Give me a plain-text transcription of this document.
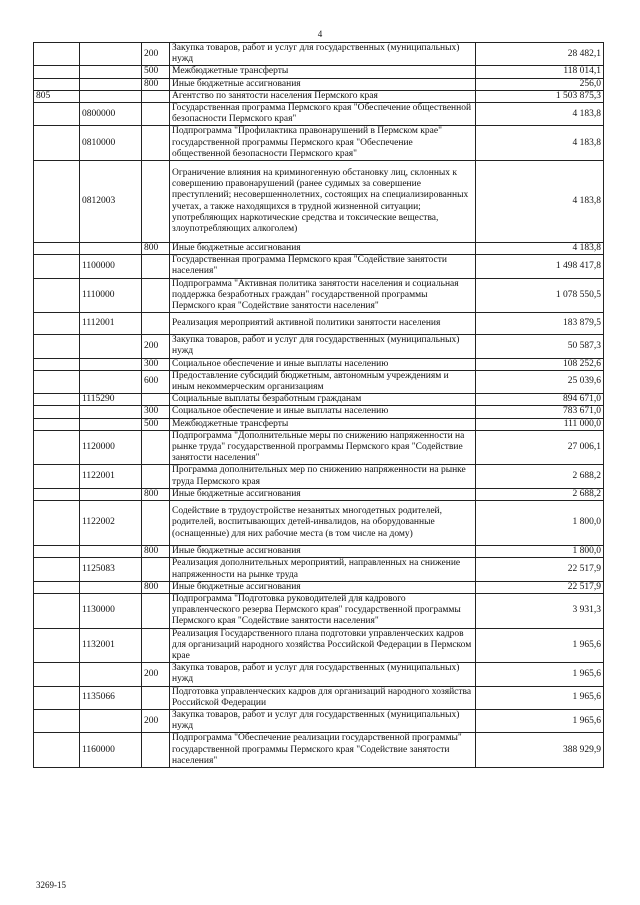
4
		200	Закупка товаров, работ и услуг для государственных (муниципальных) нужд	28 482,1
		500	Межбюджетные трансферты	118 014,1
		800	Иные бюджетные ассигнования	256,0
805			Агентство по занятости населения Пермского края	1 503 875,3
	0800000		Государственная программа Пермского края "Обеспечение общественной безопасности Пермского края"	4 183,8
	0810000		Подпрограмма "Профилактика правонарушений в Пермском крае" государственной программы Пермского края "Обеспечение общественной безопасности Пермского края"	4 183,8
	0812003		Ограничение влияния на криминогенную обстановку лиц, склонных к совершению правонарушений (ранее судимых за совершение преступлений; несовершеннолетних, состоящих на специализированных учетах, а также находящихся в трудной жизненной ситуации; употребляющих наркотические средства и токсические вещества, злоупотребляющих алкоголем)	4 183,8
		800	Иные бюджетные ассигнования	4 183,8
	1100000		Государственная программа Пермского края "Содействие занятости населения"	1 498 417,8
	1110000		Подпрограмма "Активная политика занятости населения и социальная поддержка безработных граждан" государственной программы Пермского края "Содействие занятости населения"	1 078 550,5
	1112001		Реализация мероприятий активной политики занятости населения	183 879,5
		200	Закупка товаров, работ и услуг для государственных (муниципальных) нужд	50 587,3
		300	Социальное обеспечение и иные выплаты населению	108 252,6
		600	Предоставление субсидий бюджетным, автономным учреждениям и иным некоммерческим организациям	25 039,6
	1115290		Социальные выплаты безработным гражданам	894 671,0
		300	Социальное обеспечение и иные выплаты населению	783 671,0
		500	Межбюджетные трансферты	111 000,0
	1120000		Подпрограмма "Дополнительные меры по снижению напряженности на рынке труда" государственной программы Пермского края "Содействие занятости населения"	27 006,1
	1122001		Программа дополнительных мер по снижению напряженности на рынке труда Пермского края	2 688,2
		800	Иные бюджетные ассигнования	2 688,2
	1122002		Содействие в трудоустройстве незанятых многодетных родителей, родителей, воспитывающих детей-инвалидов, на оборудованные (оснащенные) для них рабочие места (в том числе на дому)	1 800,0
		800	Иные бюджетные ассигнования	1 800,0
	1125083		Реализация дополнительных мероприятий, направленных на снижение напряженности на рынке труда	22 517,9
		800	Иные бюджетные ассигнования	22 517,9
	1130000		Подпрограмма "Подготовка руководителей для кадрового управленческого резерва Пермского края" государственной программы Пермского края "Содействие занятости населения"	3 931,3
	1132001		Реализация Государственного плана подготовки управленческих кадров для организаций народного хозяйства Российской Федерации в Пермском крае	1 965,6
		200	Закупка товаров, работ и услуг для государственных (муниципальных) нужд	1 965,6
	1135066		Подготовка управленческих кадров для организаций народного хозяйства Российской Федерации	1 965,6
		200	Закупка товаров, работ и услуг для государственных (муниципальных) нужд	1 965,6
	1160000		Подпрограмма "Обеспечение реализации государственной программы" государственной программы Пермского края "Содействие занятости населения"	388 929,9
3269-15
